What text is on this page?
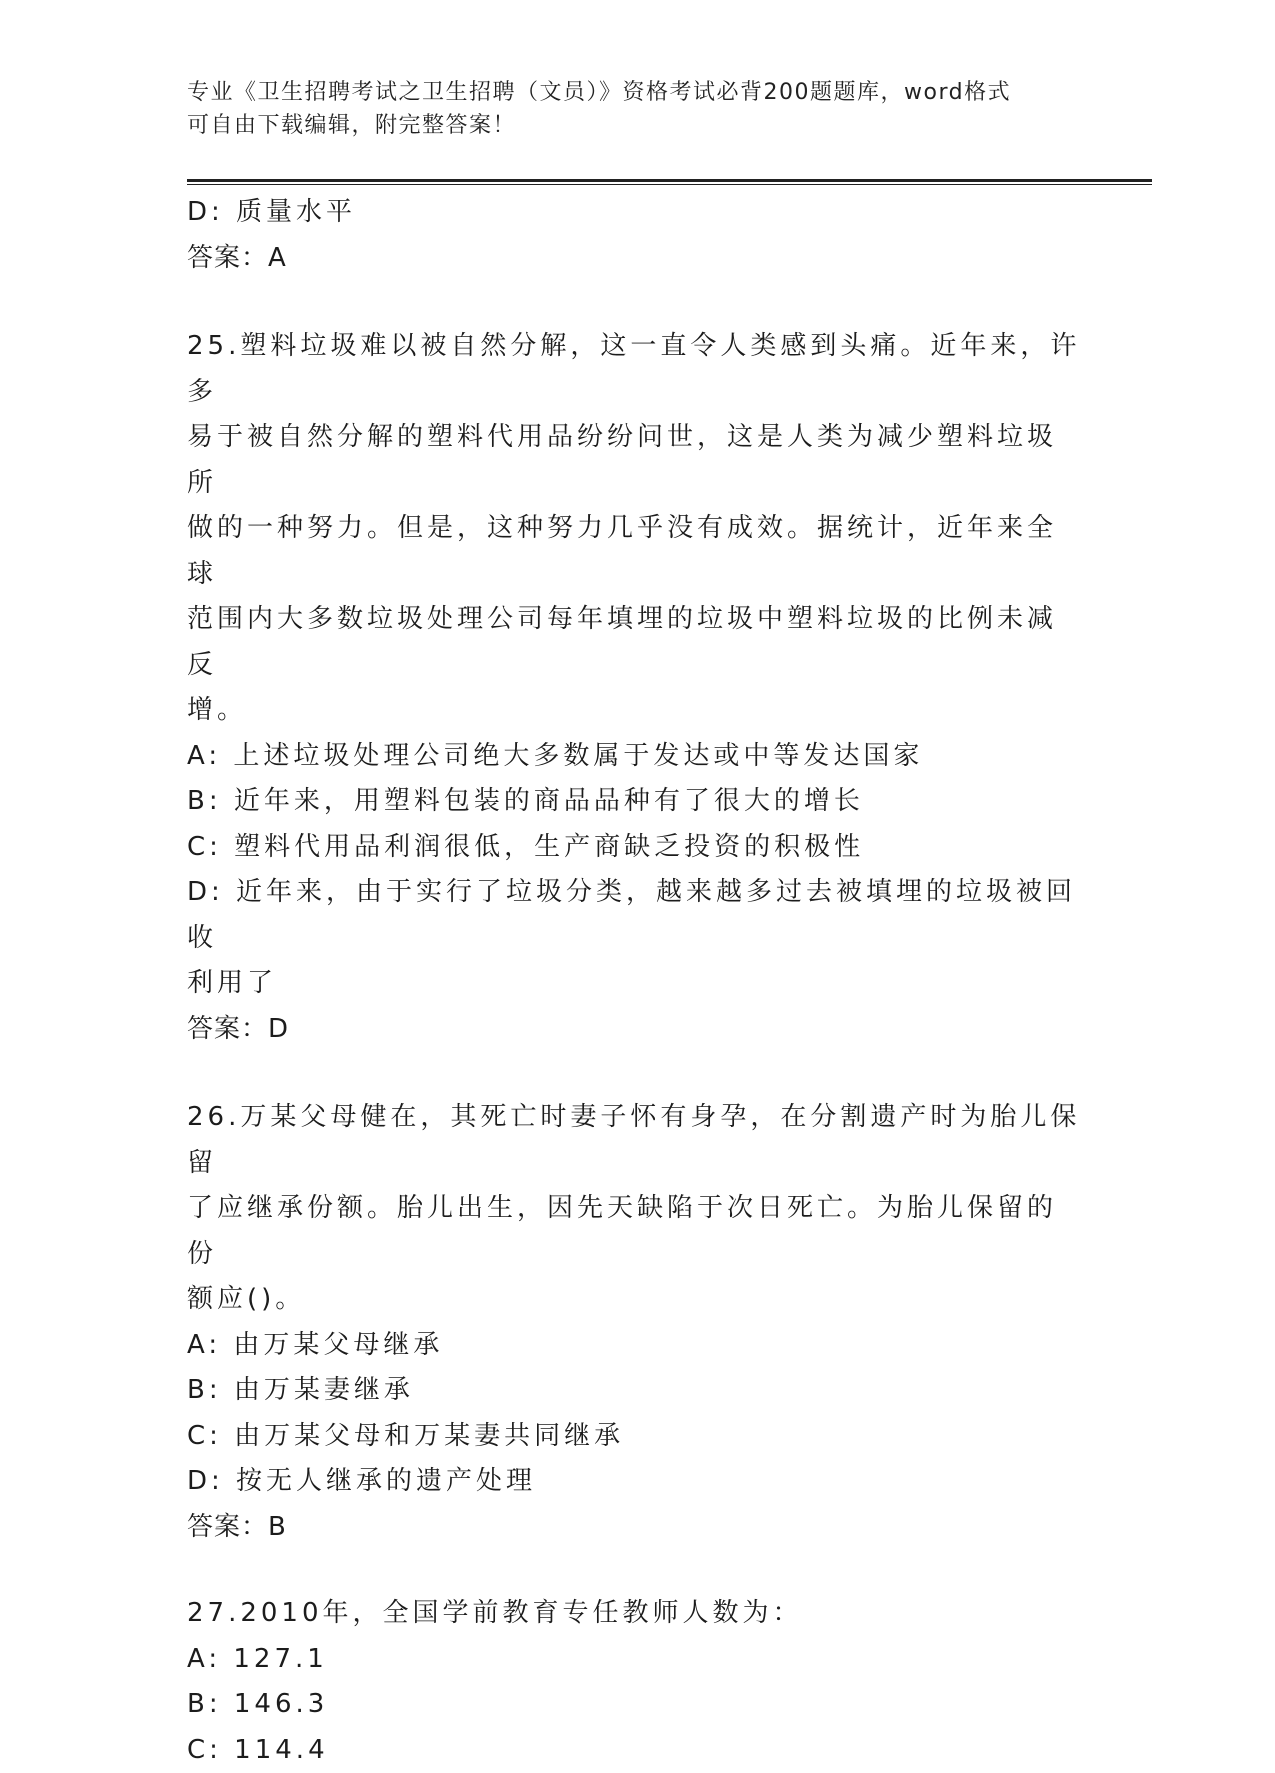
专业《卫生招聘考试之卫生招聘（文员）》资格考试必背200题题库，word格式
可自由下载编辑，附完整答案！

D: 质量水平

答案：A

25.塑料垃圾难以被自然分解，这一直令人类感到头痛。近年来，许多

易于被自然分解的塑料代用品纷纷问世，这是人类为减少塑料垃圾所

做的一种努力。但是，这种努力几乎没有成效。据统计，近年来全球

范围内大多数垃圾处理公司每年填埋的垃圾中塑料垃圾的比例未减反

增。

A: 上述垃圾处理公司绝大多数属于发达或中等发达国家

B: 近年来，用塑料包装的商品品种有了很大的增长

C: 塑料代用品利润很低，生产商缺乏投资的积极性

D: 近年来，由于实行了垃圾分类，越来越多过去被填埋的垃圾被回收

利用了

答案：D

26.万某父母健在，其死亡时妻子怀有身孕，在分割遗产时为胎儿保留

了应继承份额。胎儿出生，因先天缺陷于次日死亡。为胎儿保留的份

额应()。

A: 由万某父母继承

B: 由万某妻继承

C: 由万某父母和万某妻共同继承

D: 按无人继承的遗产处理

答案：B

27.2010年，全国学前教育专任教师人数为：

A: 127.1

B: 146.3

C: 114.4
